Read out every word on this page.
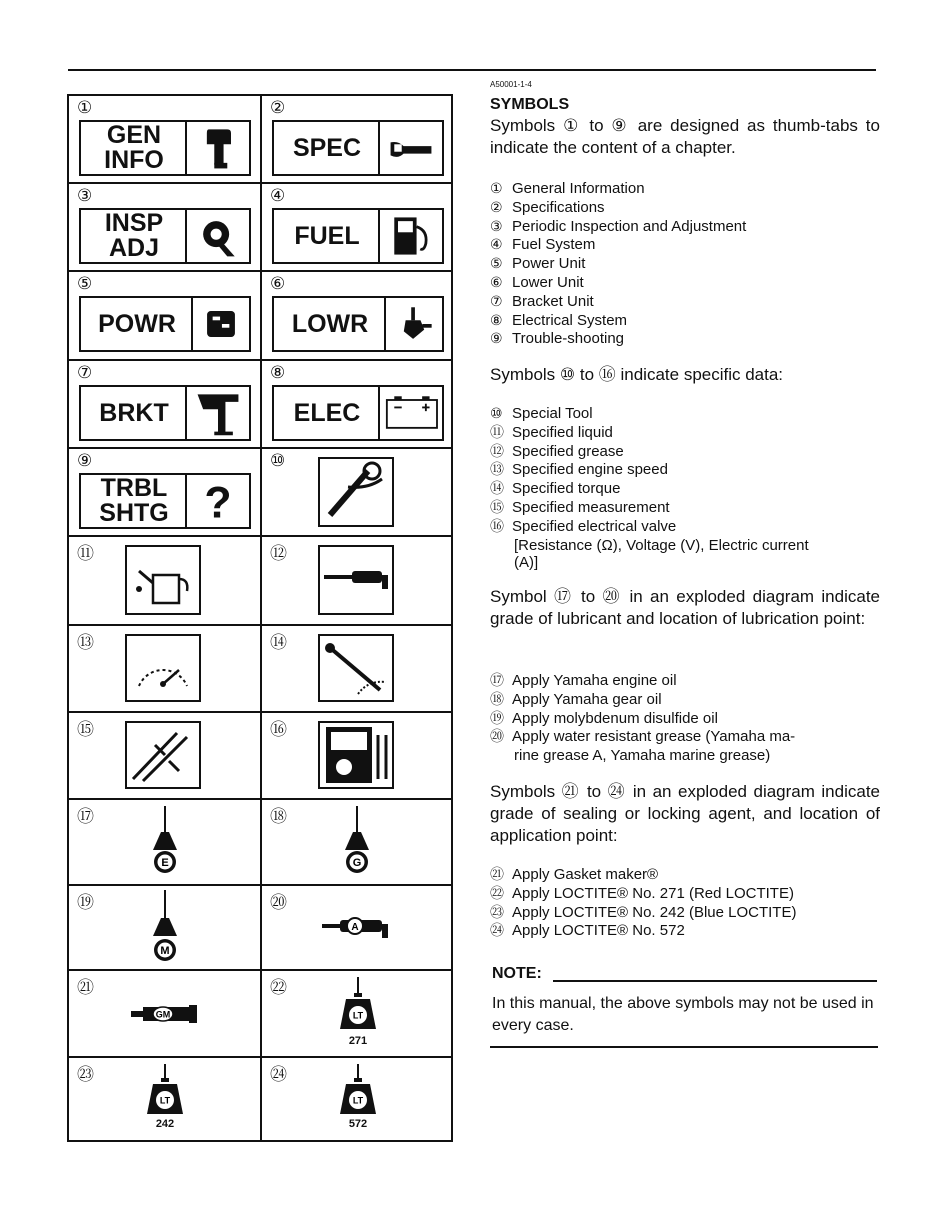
①
GEN
INFO
②
SPEC
③
INSP
ADJ
④
FUEL
⑤
POWR
⑥
LOWR
⑦
BRKT
⑧
ELEC
⑨
TRBL
SHTG ?
⑩
⑪	⑫
⑬	⑭
⑮	⑯
⑰
E
⑱
G
⑲
M
⑳
A
㉑
GM
㉒
LT
271
㉓
LT
242
㉔
LT
572
A50001-1-4
SYMBOLS
Symbols ① to ⑨ are designed as thumb-tabs to indicate the content of a chapter.
① General Information
② Specifications
③ Periodic Inspection and Adjustment
④ Fuel System
⑤ Power Unit
⑥ Lower Unit
⑦ Bracket Unit
⑧ Electrical System
⑨ Trouble-shooting
Symbols ⑩ to ⑯ indicate specific data:
⑩ Special Tool
⑪ Specified liquid
⑫ Specified grease
⑬ Specified engine speed
⑭ Specified torque
⑮ Specified measurement
⑯ Specified electrical valve
[Resistance (Ω), Voltage (V), Electric current
(A)]
Symbol ⑰ to ⑳ in an exploded diagram indicate grade of lubricant and location of lubrication point:
⑰ Apply Yamaha engine oil
⑱ Apply Yamaha gear oil
⑲ Apply molybdenum disulfide oil
⑳ Apply water resistant grease (Yamaha ma-
rine grease A, Yamaha marine grease)
Symbols ㉑ to ㉔ in an exploded diagram indicate grade of sealing or locking agent, and location of application point:
㉑ Apply Gasket maker®
㉒ Apply LOCTITE® No. 271 (Red LOCTITE)
㉓ Apply LOCTITE® No. 242 (Blue LOCTITE)
㉔ Apply LOCTITE® No. 572
NOTE:
In this manual, the above symbols may not be used in every case.
